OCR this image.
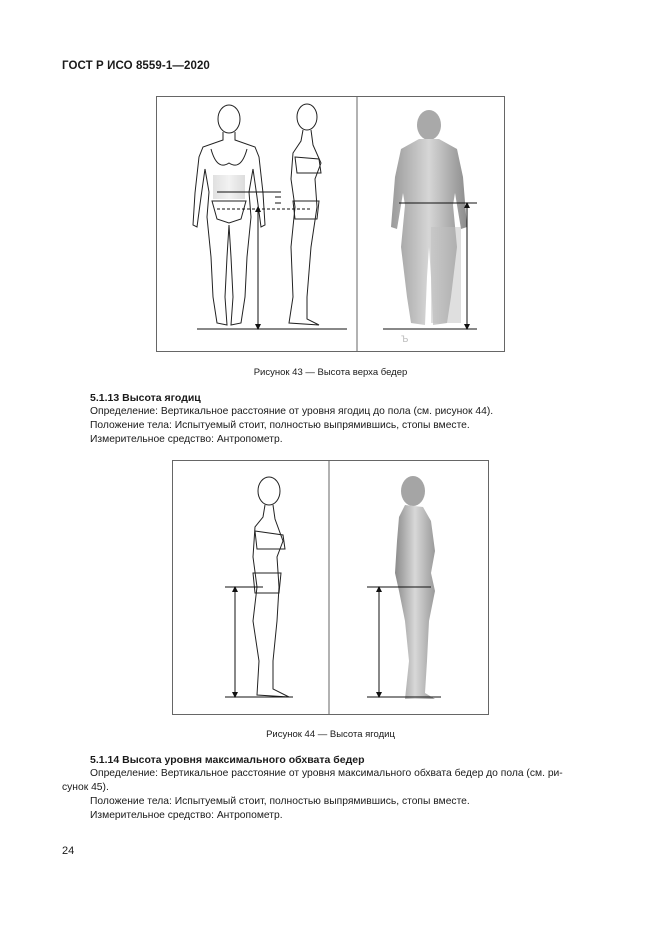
ГОСТ Р ИСО 8559-1—2020
Ъ
Рисунок 43 — Высота верха бедер
5.1.13 Высота ягодиц
Определение: Вертикальное расстояние от уровня ягодиц до пола (см. рисунок 44).
Положение тела: Испытуемый стоит, полностью выпрямившись, стопы вместе.
Измерительное средство: Антропометр.
Рисунок 44 — Высота ягодиц
5.1.14 Высота уровня максимального обхвата бедер
Определение: Вертикальное расстояние от уровня максимального обхвата бедер до пола (см. ри-
сунок 45).
Положение тела: Испытуемый стоит, полностью выпрямившись, стопы вместе.
Измерительное средство: Антропометр.
24
